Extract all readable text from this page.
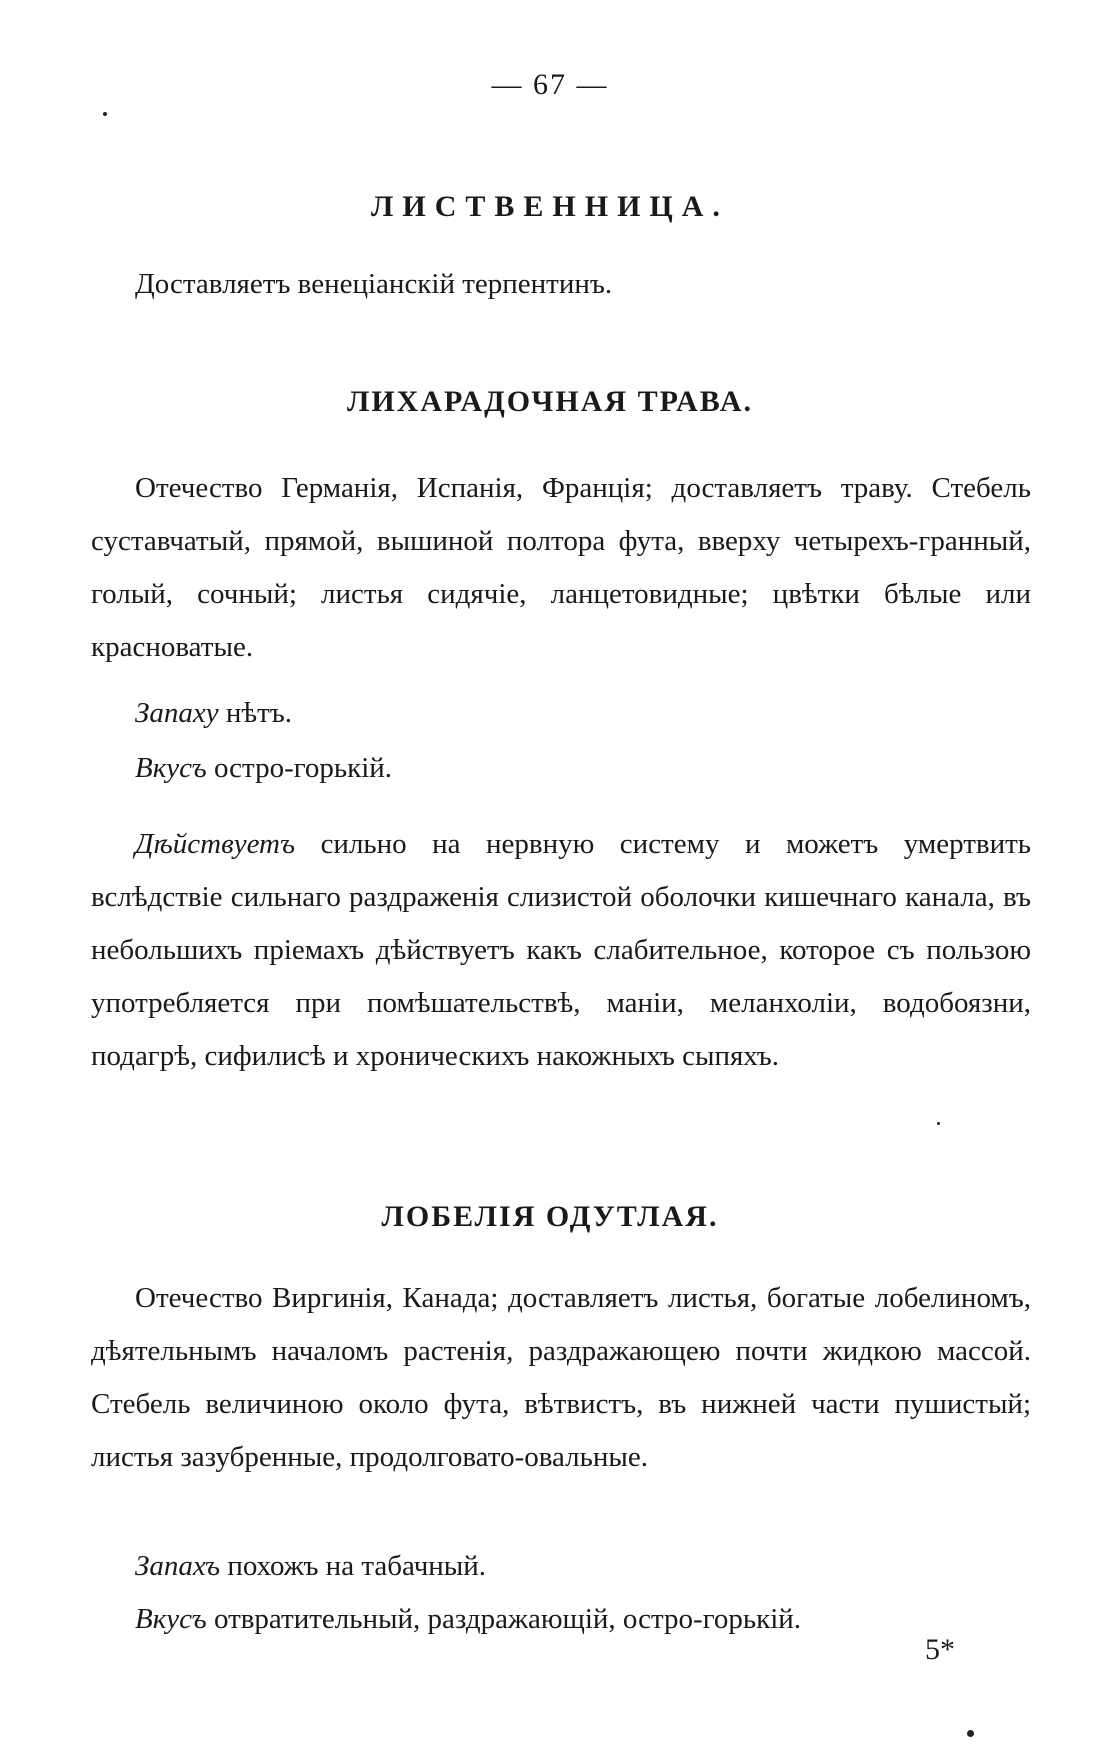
— 67 —
ЛИСТВЕННИЦА.
Доставляетъ венеціанскій терпентинъ.
ЛИХАРАДОЧНАЯ ТРАВА.
Отечество Германія, Испанія, Франція; доставляетъ траву. Стебель суставчатый, прямой, вышиной полтора фута, вверху четырехъ-гранный, голый, сочный; листья сидячіе, ланцетовидные; цвѣтки бѣлые или красноватые.
Запаху нѣтъ.
Вкусъ остро-горькій.
Дѣйствуетъ сильно на нервную систему и можетъ умертвить вслѣдствіе сильнаго раздраженія слизистой оболочки кишечнаго канала, въ небольшихъ пріемахъ дѣйствуетъ какъ слабительное, которое съ пользою употребляется при помѣшательствѣ, маніи, меланхоліи, водобоязни, подагрѣ, сифилисѣ и хроническихъ накожныхъ сыпяхъ.
ЛОБЕЛІЯ ОДУТЛАЯ.
Отечество Виргинія, Канада; доставляетъ листья, богатые лобелиномъ, дѣятельнымъ началомъ растенія, раздражающею почти жидкою массой. Стебель величиною около фута, вѣтвистъ, въ нижней части пушистый; листья зазубренные, продолговато-овальные.
Запахъ похожъ на табачный.
Вкусъ отвратительный, раздражающій, остро-горькій.
5*
